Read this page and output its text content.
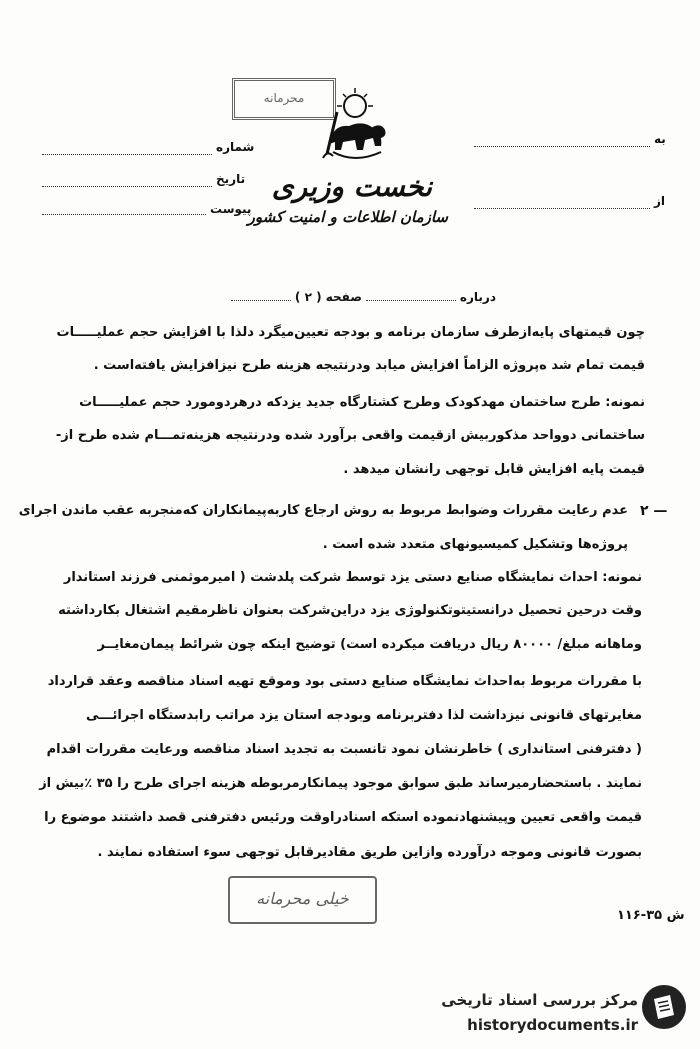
محرمانه
نخست وزیری
سازمان اطلاعات و امنیت کشور
شماره
تاریخ
پیوست
به
از
دربارهصفحه ( ۲ )
چون قیمتهای پایه‌ازطرف سازمان برنامه و بودجه تعیین‌میگرد دلذا با افزایش حجم عملیـــــات
قیمت تمام شد ه‌پروژه الزاماً افزایش میابد ودرنتیجه هزینه طرح نیزافزایش یافته‌است .
نمونه: طرح ساختمان مهدکودک وطرح کشتارگاه جدید یزدکه درهردومورد حجم عملیـــــات
ساختمانی دوواحد مذکوربیش ازقیمت واقعی برآورد شده ودرنتیجه هزینه‌تمـــام شده طرح از-
قیمت پایه افزایش قابل توجهی رانشان میدهد .
۲ —
عدم رعایت مقررات وضوابط مربوط به روش ارجاع کاربه‌پیمانکاران که‌منجربه عقب ماندن اجرای
پروژه‌ها وتشکیل کمیسیونهای متعدد شده است .
نمونه: احداث نمایشگاه صنایع دستی یزد توسط شرکت پلدشت ( امیرموثمنی فرزند استاندار
وقت درحین تحصیل درانستیتوتکنولوژی یزد دراین‌شرکت بعنوان ناظرمقیم اشتغال بکارداشته
وماهانه مبلغ/ ۸۰۰۰۰ ریال دریافت میکرده است) توضیح اینکه چون شرائط پیمان‌مغایــر
با مقررات مربوط به‌احداث نمایشگاه صنایع دستی بود وموقع تهیه اسناد مناقصه وعقد قرارداد
مغایرتهای قانونی نیزداشت لذا دفتربرنامه وبودجه استان یزد مراتب رابدستگاه اجرائـــی
( دفترفنی استانداری ) خاطرنشان نمود تانسبت به تجدید اسناد مناقصه ورعایت مقررات اقدام
نمایند . باستحضارمیرساند طبق سوابق موجود پیمانکارمربوطه هزینه اجرای طرح را ۳۵ ٪بیش از
قیمت واقعی تعیین وپیشنهادنموده استکه اسنادراوقت ورئیس دفترفنی قصد داشتند موضوع را
بصورت قانونی وموجه درآورده وازاین طریق مقادیرقابل توجهی سوء استفاده نمایند .
خیلی محرمانه
۱۱۶-۳۵ ش
مرکز بررسی اسناد تاریخی
historydocuments.ir
